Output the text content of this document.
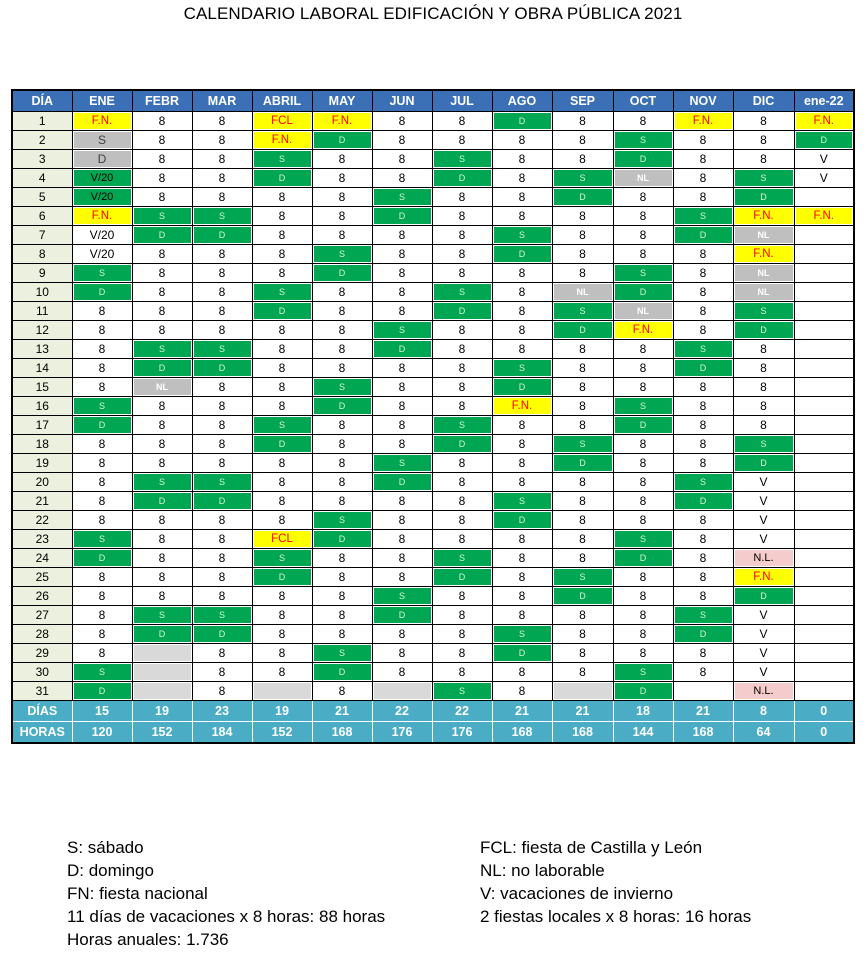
CALENDARIO LABORAL EDIFICACIÓN Y OBRA PÚBLICA 2021
DÍA	ENE	FEBR	MAR	ABRIL	MAY	JUN	JUL	AGO	SEP	OCT	NOV	DIC	ene-22
1	F.N.	8	8	FCL	F.N.	8	8	D	8	8	F.N.	8	F.N.

2	S	8	8	F.N.	D	8	8	8	8	S	8	8	D

3	D	8	8	S	8	8	S	8	8	D	8	8	V

4	V/20	8	8	D	8	8	D	8	S	NL	8	S	V

5	V/20	8	8	8	8	S	8	8	D	8	8	D	

6	F.N.	S	S	8	8	D	8	8	8	8	S	F.N.	F.N.

7	V/20	D	D	8	8	8	8	S	8	8	D	NL	

8	V/20	8	8	8	S	8	8	D	8	8	8	F.N.	

9	S	8	8	8	D	8	8	8	8	S	8	NL	

10	D	8	8	S	8	8	S	8	NL	D	8	NL	

11	8	8	8	D	8	8	D	8	S	NL	8	S	

12	8	8	8	8	8	S	8	8	D	F.N.	8	D	

13	8	S	S	8	8	D	8	8	8	8	S	8	

14	8	D	D	8	8	8	8	S	8	8	D	8	

15	8	NL	8	8	S	8	8	D	8	8	8	8	

16	S	8	8	8	D	8	8	F.N.	8	S	8	8	

17	D	8	8	S	8	8	S	8	8	D	8	8	

18	8	8	8	D	8	8	D	8	S	8	8	S	

19	8	8	8	8	8	S	8	8	D	8	8	D	

20	8	S	S	8	8	D	8	8	8	8	S	V	

21	8	D	D	8	8	8	8	S	8	8	D	V	

22	8	8	8	8	S	8	8	D	8	8	8	V	

23	S	8	8	FCL	D	8	8	8	8	S	8	V	

24	D	8	8	S	8	8	S	8	8	D	8	N.L.	

25	8	8	8	D	8	8	D	8	S	8	8	F.N.	

26	8	8	8	8	8	S	8	8	D	8	8	D	

27	8	S	S	8	8	D	8	8	8	8	S	V	

28	8	D	D	8	8	8	8	S	8	8	D	V	

29	8		8	8	S	8	8	D	8	8	8	V	

30	S		8	8	D	8	8	8	8	S	8	V	

31	D		8		8		S	8		D		N.L.	

DÍAS	15	19	23	19	21	22	22	21	21	18	21	8	0
HORAS	120	152	184	152	168	176	176	168	168	144	168	64	0
S: sábado
D: domingo
FN: fiesta nacional
11 días de vacaciones x 8 horas: 88 horas
Horas anuales: 1.736
FCL: fiesta de Castilla y León
NL: no laborable
V: vacaciones de invierno
2 fiestas locales x 8 horas: 16 horas
